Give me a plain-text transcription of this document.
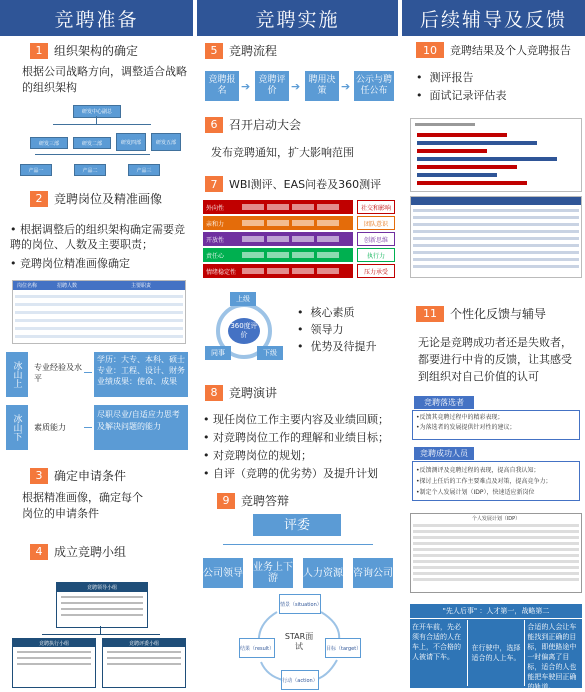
竞聘准备
1 组织架构的确定
根据公司战略方向，调整适合战略的组织架构
研发中心副总
研发三部	研发二部	研发四部	研发五部
产品一	产品二	产品三
2 竞聘岗位及精准画像
• 根据调整后的组织架构确定需要竞聘的岗位、人数及主要职责；
• 竞聘岗位精准画像确定
岗位名称	招聘人数	主要职责
冰山上	专业经验及水平
学历：大专、本科、硕士专业：工程、设计、财务业绩成果：使命、成果
冰山下	素质能力
尽职尽业/自适应力思考及解决问题的能力
3 确定申请条件
根据精准画像，确定每个岗位的申请条件
4 成立竞聘小组
竞聘领导小组
竞聘执行小组	竞聘评委小组
竞聘实施
5 竞聘流程
竞聘报名	➔ 竞聘评价	➔ 聘用决策	➔ 公示与聘任公布
6 召开启动大会
发布竞聘通知，扩大影响范围
7	WBI测评、EAS问卷及360测评
外向性	社交和影响
亲和力	团队意识
开放性	创新思维
责任心	执行力
情绪稳定性	压力承受
360度评价
上级
同事	下级
•  核心素质
•  领导力
•  优势及待提升
8 竞聘演讲
• 现任岗位工作主要内容及业绩回顾；
• 对竞聘岗位工作的理解和业绩目标；
• 对竞聘岗位的规划；
• 自评（竞聘的优劣势）及提升计划
9 竞聘答辩
评委
公司领导 业务上下游	人力资源 咨询公司
情景（situation）
目标（target）
行动（action）
结果（result）
STAR面试
后续辅导及反馈
10	竞聘结果及个人竞聘报告
•  测评报告
•  面试记录评估表
11	个性化反馈与辅导
无论是竞聘成功者还是失败者，都要进行中肯的反馈，让其感受到组织对自己价值的认可
竞聘落选者
•反馈其竞聘过程中的精彩表现；
•为落选者的发展提供针对性的建议；
竞聘成功人员
•反馈测评及竞聘过程的表现，提高自我认知；
•探讨上任后的工作主要难点及对策，提高竞争力；
•制定个人发展计划（IDP），快速适应新岗位
个人发展计划（IDP）
"先人后事" ：人才第一，战略第二
在开车前，先必须有合适的人在车上，不合格的人被请下车。
在行驶中，选择适合的人上车。
合适的人会让车能找到正确的目标，即使路途中一时偏离了目标，适合的人也能把车驶回正确的轨道。
